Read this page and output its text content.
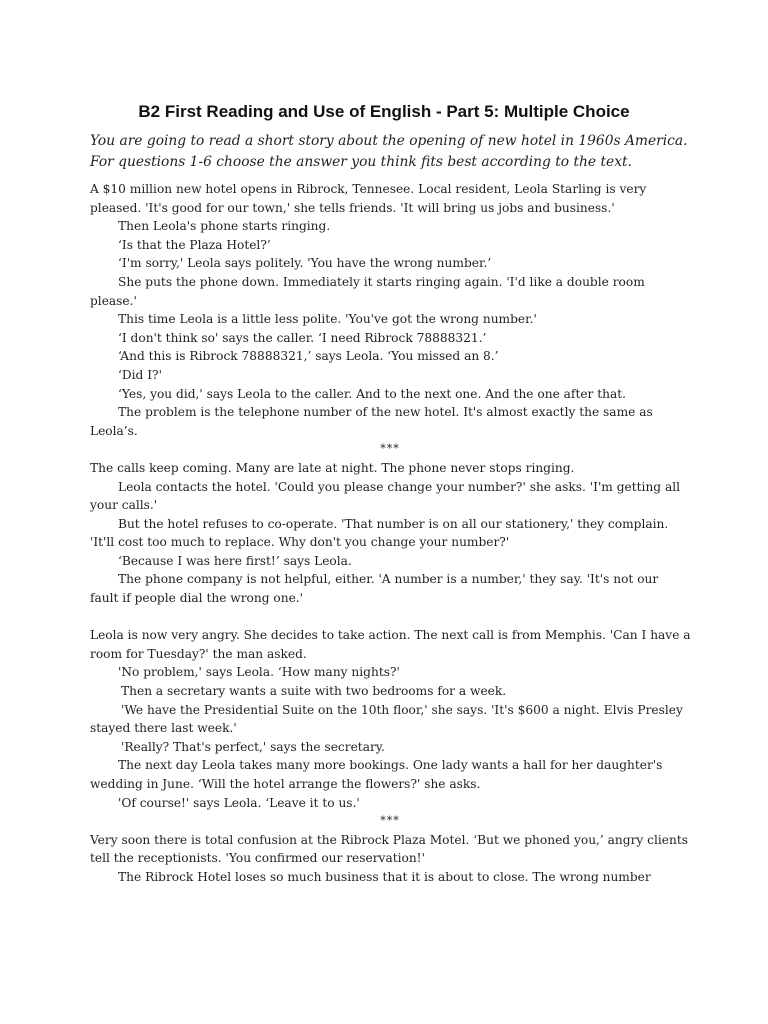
B2 First Reading and Use of English - Part 5: Multiple Choice
You are going to read a short story about the opening of new hotel in 1960s America.
For questions 1-6 choose the answer you think fits best according to the text.
A $10 million new hotel opens in Ribrock, Tennesee. Local resident, Leola Starling is very
pleased. 'It's good for our town,' she tells friends. 'It will bring us jobs and business.'
Then Leola's phone starts ringing.
‘Is that the Plaza Hotel?’
‘I'm sorry,' Leola says politely. 'You have the wrong number.’
She puts the phone down. Immediately it starts ringing again. 'I'd like a double room
please.'
This time Leola is a little less polite. 'You've got the wrong number.'
‘I don't think so' says the caller. ‘I need Ribrock 78888321.’
‘And this is Ribrock 78888321,’ says Leola. ‘You missed an 8.’
‘Did I?'
‘Yes, you did,' says Leola to the caller. And to the next one. And the one after that.
The problem is the telephone number of the new hotel. It's almost exactly the same as
Leola’s.
***
The calls keep coming. Many are late at night. The phone never stops ringing.
Leola contacts the hotel. 'Could you please change your number?' she asks. 'I'm getting all
your calls.'
But the hotel refuses to co-operate. 'That number is on all our stationery,' they complain.
'It'll cost too much to replace. Why don't you change your number?'
‘Because I was here first!’ says Leola.
The phone company is not helpful, either. 'A number is a number,' they say. 'It's not our
fault if people dial the wrong one.'
Leola is now very angry. She decides to take action. The next call is from Memphis. 'Can I have a
room for Tuesday?' the man asked.
'No problem,' says Leola. ‘How many nights?'
Then a secretary wants a suite with two bedrooms for a week.
'We have the Presidential Suite on the 10th floor,' she says. 'It's $600 a night. Elvis Presley
stayed there last week.'
'Really? That's perfect,' says the secretary.
The next day Leola takes many more bookings. One lady wants a hall for her daughter's
wedding in June. ‘Will the hotel arrange the flowers?' she asks.
'Of course!' says Leola. ‘Leave it to us.'
***
Very soon there is total confusion at the Ribrock Plaza Motel. ‘But we phoned you,’ angry clients
tell the receptionists. 'You confirmed our reservation!'
The Ribrock Hotel loses so much business that it is about to close. The wrong number
